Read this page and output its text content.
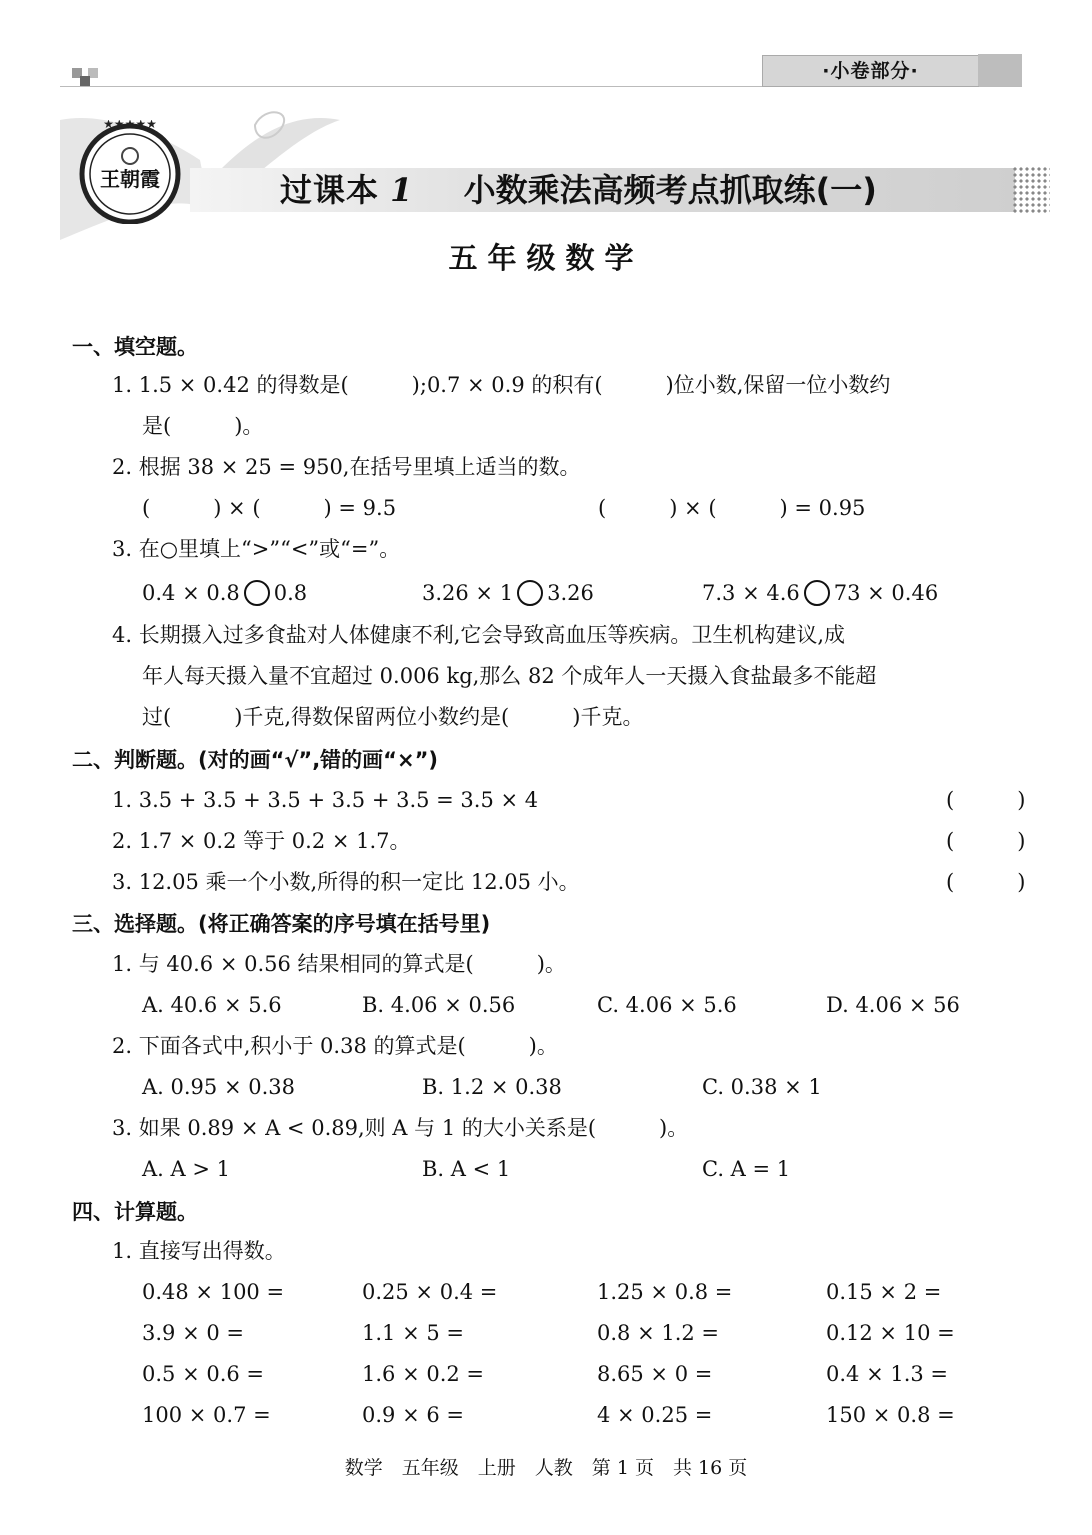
·小卷部分·
★★★★★
王朝霞	过课本 1 小数乘法高频考点抓取练(一)
五年级数学
一、填空题。
1. 1.5 × 0.42 的得数是(　　　);0.7 × 0.9 的积有(　　　)位小数,保留一位小数约
是(　　　)。
2. 根据 38 × 25 = 950,在括号里填上适当的数。
(　　　) × (　　　) = 9.5	(　　　) × (　　　) = 0.95
3. 在○里填上“>”“<”或“=”。
0.4 × 0.8 0.8	3.26 × 1 3.26	7.3 × 4.6 73 × 0.46
4. 长期摄入过多食盐对人体健康不利,它会导致高血压等疾病。卫生机构建议,成
年人每天摄入量不宜超过 0.006 kg,那么 82 个成年人一天摄入食盐最多不能超
过(　　　)千克,得数保留两位小数约是(　　　)千克。
二、判断题。(对的画“√”,错的画“×”)
1. 3.5 + 3.5 + 3.5 + 3.5 + 3.5 = 3.5 × 4	(　　　)
2. 1.7 × 0.2 等于 0.2 × 1.7。	(　　　)
3. 12.05 乘一个小数,所得的积一定比 12.05 小。	(　　　)
三、选择题。(将正确答案的序号填在括号里)
1. 与 40.6 × 0.56 结果相同的算式是(　　　)。
A. 40.6 × 5.6	B. 4.06 × 0.56	C. 4.06 × 5.6	D. 4.06 × 56
2. 下面各式中,积小于 0.38 的算式是(　　　)。
A. 0.95 × 0.38	B. 1.2 × 0.38	C. 0.38 × 1
3. 如果 0.89 × A < 0.89,则 A 与 1 的大小关系是(　　　)。
A. A > 1	B. A < 1	C. A = 1
四、计算题。
1. 直接写出得数。
0.48 × 100 =	0.25 × 0.4 =	1.25 × 0.8 =	0.15 × 2 =
3.9 × 0 =	1.1 × 5 =	0.8 × 1.2 =	0.12 × 10 =
0.5 × 0.6 =	1.6 × 0.2 =	8.65 × 0 =	0.4 × 1.3 =
100 × 0.7 =	0.9 × 6 =	4 × 0.25 =	150 × 0.8 =
数学　五年级　上册　人教　第 1 页　共 16 页
